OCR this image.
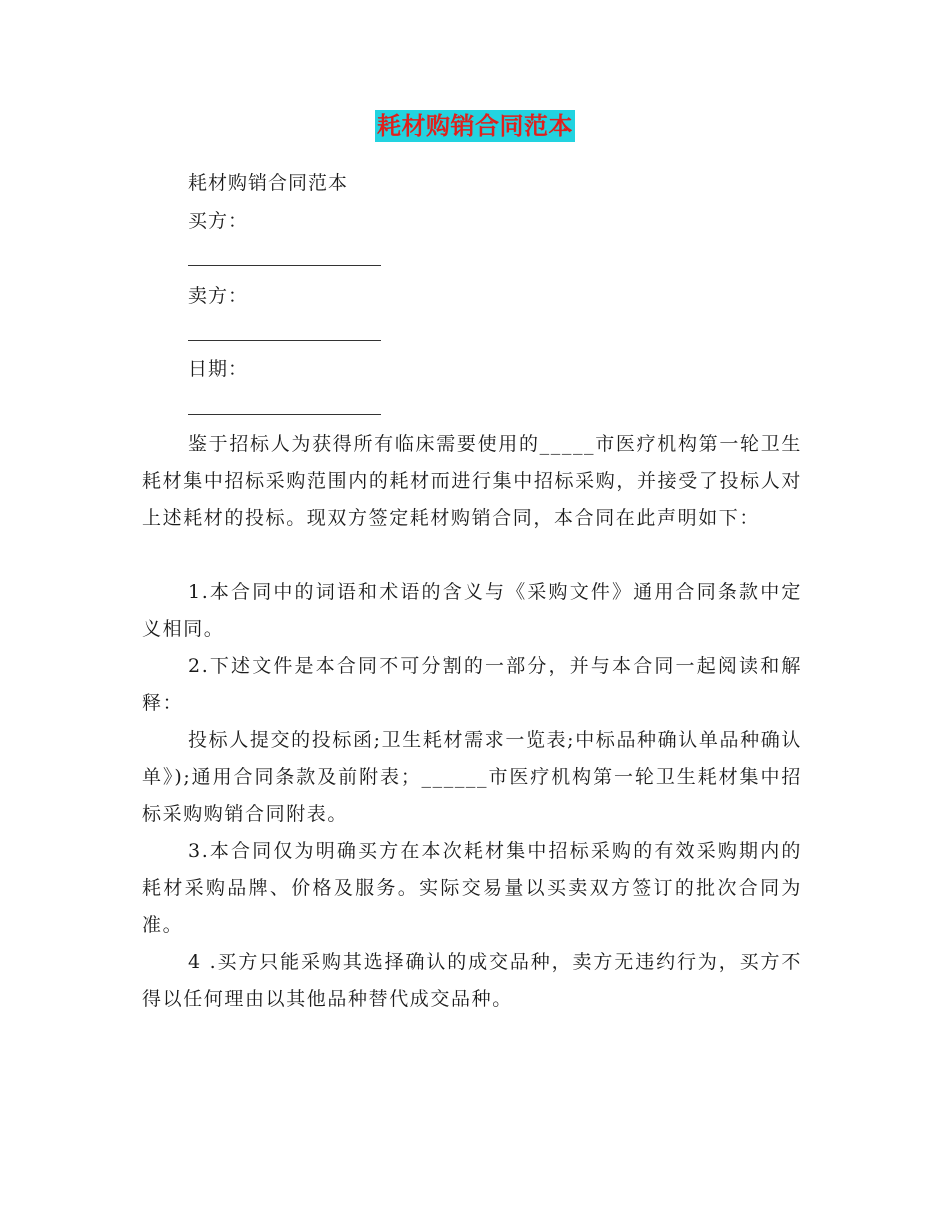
耗材购销合同范本
耗材购销合同范本
买方：
卖方：
日期：

鉴于招标人为获得所有临床需要使用的_____市医疗机构第一轮卫生耗材集中招标采购范围内的耗材而进行集中招标采购，并接受了投标人对上述耗材的投标。现双方签定耗材购销合同，本合同在此声明如下：

1.本合同中的词语和术语的含义与《采购文件》通用合同条款中定义相同。

2.下述文件是本合同不可分割的一部分，并与本合同一起阅读和解释：

投标人提交的投标函;卫生耗材需求一览表;中标品种确认单品种确认单》);通用合同条款及前附表；______市医疗机构第一轮卫生耗材集中招标采购购销合同附表。

3.本合同仅为明确买方在本次耗材集中招标采购的有效采购期内的耗材采购品牌、价格及服务。实际交易量以买卖双方签订的批次合同为准。

4 .买方只能采购其选择确认的成交品种，卖方无违约行为，买方不得以任何理由以其他品种替代成交品种。
